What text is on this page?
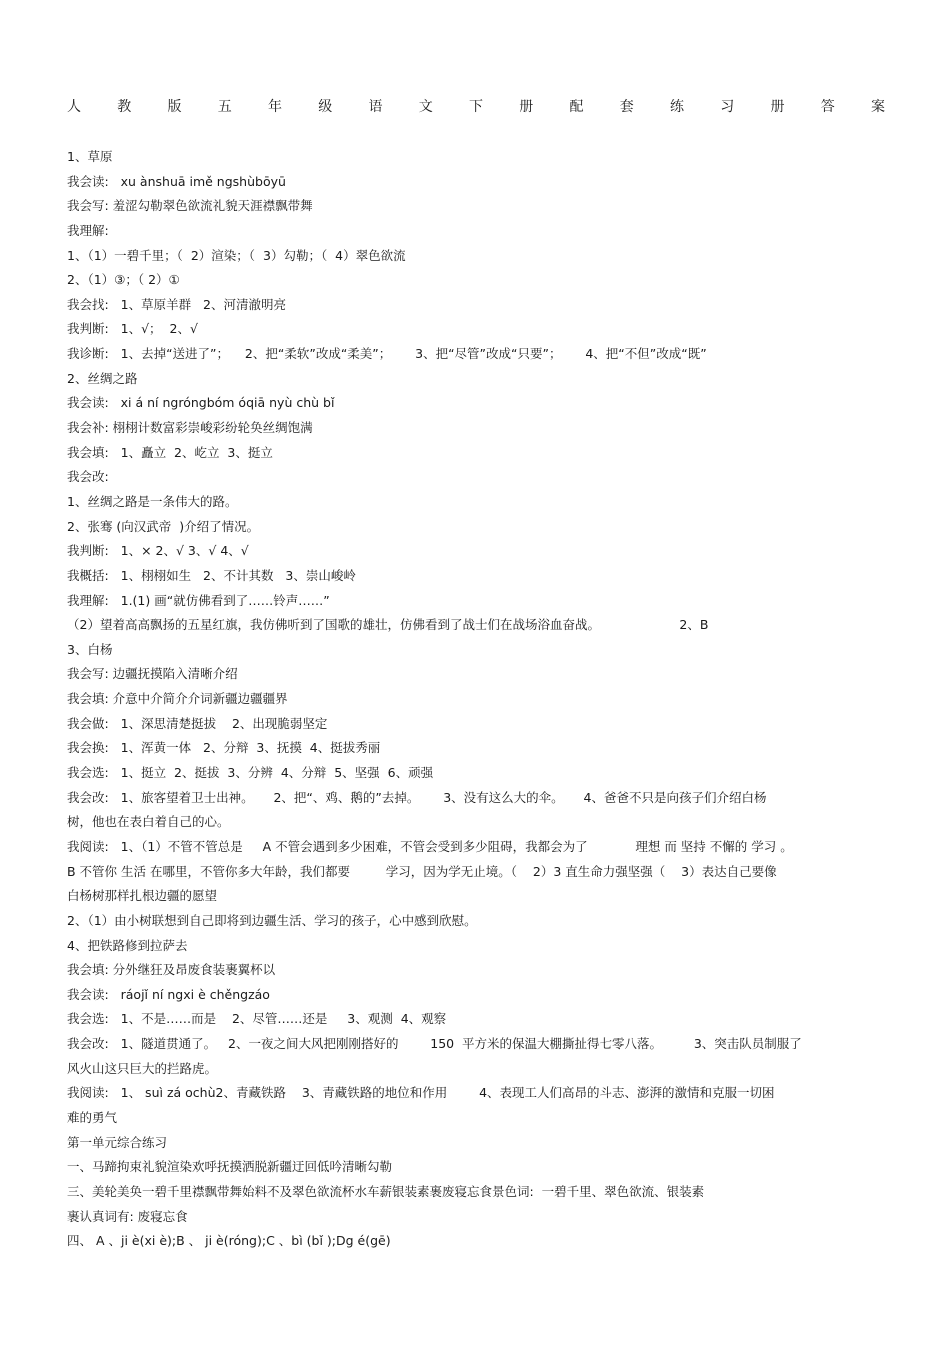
人	教	版	五	年	级	语	文	下	册	配	套	练	习	册	答	案
1、草原
我会读:   xu ànshuā imě ngshùbōyū
我会写: 羞涩勾勒翠色欲流礼貌天涯襟飘带舞
我理解:
1、（1）一碧千里；（  2）渲染；（  3）勾勒；（  4）翠色欲流
2、（1）③；（ 2）①
我会找:   1、草原羊群   2、河清澈明亮
我判断:   1、√；  2、√
我诊断:   1、去掉“送进了”；    2、把“柔软”改成“柔美”；      3、把“尽管”改成“只要”；      4、把“不但”改成“既”
2、丝绸之路
我会读:   xi á ní ngróngbóm óqiā nyù chù bǐ
我会补: 栩栩计数富彩崇峻彩纷轮奂丝绸饱满
我会填:   1、矗立  2、屹立  3、挺立
我会改:
1、丝绸之路是一条伟大的路。
2、张骞 (向汉武帝  )介绍了情况。
我判断:   1、× 2、√ 3、√ 4、√
我概括:   1、栩栩如生   2、不计其数   3、崇山峻岭
我理解:   1.(1) 画“就仿佛看到了……铃声……”
（2）望着高高飘扬的五星红旗，我仿佛听到了国歌的雄壮，仿佛看到了战士们在战场浴血奋战。                    2、B
3、白杨
我会写: 边疆抚摸陷入清晰介绍
我会填: 介意中介简介介词新疆边疆疆界
我会做:   1、深思清楚挺拔    2、出现脆弱坚定
我会换:   1、浑黄一体   2、分辩  3、抚摸  4、挺拔秀丽
我会选:   1、挺立  2、挺拔  3、分辨  4、分辩  5、坚强  6、顽强
我会改:   1、旅客望着卫士出神。     2、把“、鸡、鹅的”去掉。      3、没有这么大的伞。     4、爸爸不只是向孩子们介绍白杨
树，他也在表白着自己的心。
我阅读:   1、（1）不管不管总是     A 不管会遇到多少困难，不管会受到多少阻碍，我都会为了            理想 而 坚持 不懈的 学习 。
B 不管你 生活 在哪里，不管你多大年龄，我们都要         学习，因为学无止境。（    2）3 直生命力强坚强（    3）表达自己要像
白杨树那样扎根边疆的愿望
2、（1）由小树联想到自己即将到边疆生活、学习的孩子，心中感到欣慰。
4、把铁路修到拉萨去
我会填: 分外继狂及昂废食装裹翼杯以
我会读:   ráojǐ ní ngxi è chěngzáo
我会选:   1、不是……而是    2、尽管……还是     3、观测  4、观察
我会改:   1、隧道贯通了。   2、一夜之间大风把刚刚搭好的        150  平方米的保温大棚撕扯得七零八落。        3、突击队员制服了
风火山这只巨大的拦路虎。
我阅读:   1、 suì zá ochù2、青藏铁路    3、青藏铁路的地位和作用        4、表现工人们高昂的斗志、澎湃的激情和克服一切困
难的勇气
第一单元综合练习
一、马蹄拘束礼貌渲染欢呼抚摸洒脱新疆迂回低吟清晰勾勒
三、美轮美奂一碧千里襟飘带舞始料不及翠色欲流杯水车薪银装素裹废寝忘食景色词:  一碧千里、翠色欲流、银装素
裹认真词有: 废寝忘食
四、 A 、ji è(xi è);B 、 ji è(róng);C 、bì (bǐ );Dg é(gē)
